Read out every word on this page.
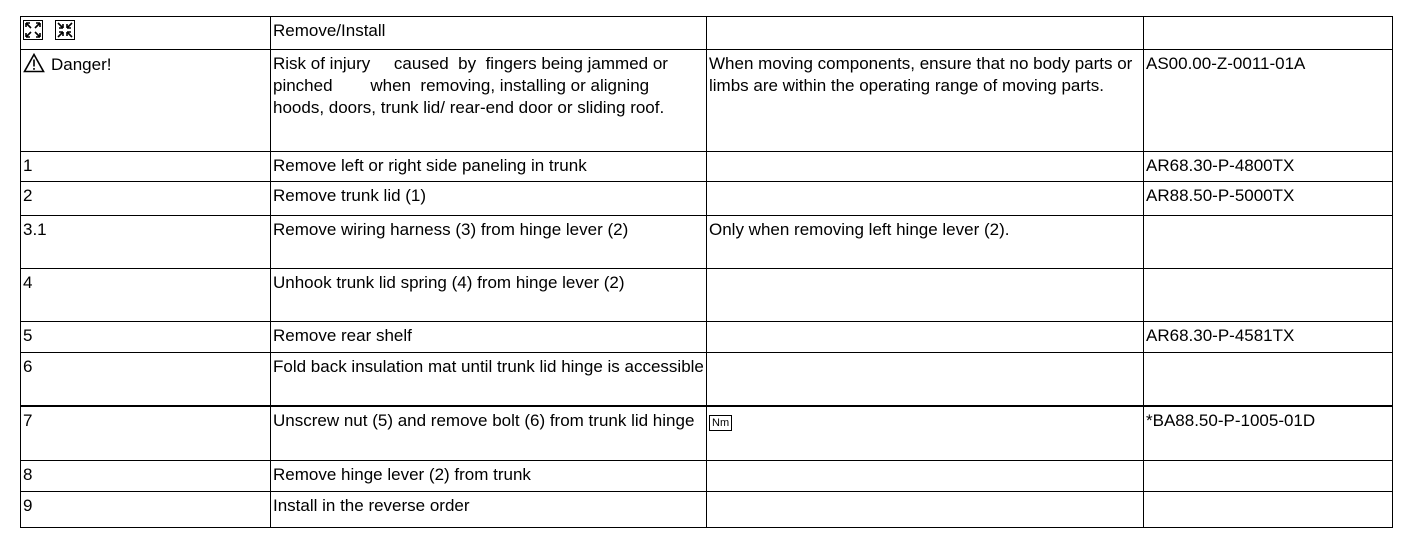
	Remove/Install		
Danger!	Risk of injury     caused  by  fingers being jammed or pinched        when  removing, installing or aligning hoods, doors, trunk lid/ rear-end door or sliding roof.	When moving components, ensure that no body parts or limbs are within the operating range of moving parts.	AS00.00-Z-0011-01A
1	Remove left or right side paneling in trunk		AR68.30-P-4800TX
2	Remove trunk lid (1)		AR88.50-P-5000TX
3.1	Remove wiring harness (3) from hinge lever (2)	Only when removing left hinge lever (2).	
4	Unhook trunk lid spring (4) from hinge lever (2)		
5	Remove rear shelf		AR68.30-P-4581TX
6	Fold back insulation mat until trunk lid hinge is accessible		
7	Unscrew nut (5) and remove bolt (6) from trunk lid hinge	Nm	*BA88.50-P-1005-01D
8	Remove hinge lever (2) from trunk		
9	Install in the reverse order		
